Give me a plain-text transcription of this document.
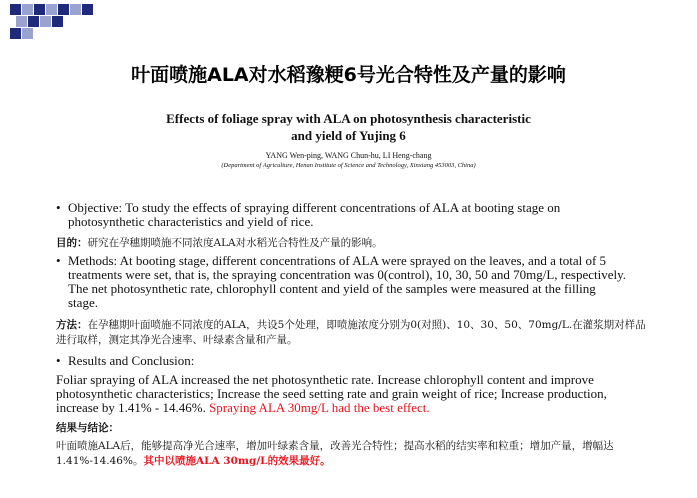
叶面喷施ALA对水稻豫粳6号光合特性及产量的影响
Effects of foliage spray with ALA on photosynthesis characteristic
and yield of Yujing 6
YANG Wen-ping, WANG Chun-hu, LI Heng-chang
(Department of Agriculture, Henan Institute of Science and Technology, Xinxiang 453003, China)
• Objective: To study the effects of spraying different concentrations of ALA at booting stage on photosynthetic characteristics and yield of rice.
目的：研究在孕穗期喷施不同浓度ALA对水稻光合特性及产量的影响。
• Methods: At booting stage, different concentrations of ALA were sprayed on the leaves, and a total of 5 treatments were set, that is, the spraying concentration was 0(control), 10, 30, 50 and 70mg/L, respectively. The net photosynthetic rate, chlorophyll content and yield of the samples were measured at the filling stage.
方法：在孕穗期叶面喷施不同浓度的ALA，共设5个处理，即喷施浓度分别为0(对照)、10、30、50、70mg/L.在灌浆期对样品进行取样，测定其净光合速率、叶绿素含量和产量。
• Results and Conclusion:
Foliar spraying of ALA increased the net photosynthetic rate. Increase chlorophyll content and improve photosynthetic characteristics; Increase the seed setting rate and grain weight of rice; Increase production, increase by 1.41% - 14.46%. Spraying ALA 30mg/L had the best effect.
结果与结论：
叶面喷施ALA后，能够提高净光合速率，增加叶绿素含量，改善光合特性；提高水稻的结实率和粒重；增加产量，增幅达1.41%-14.46%。其中以喷施ALA 30mg/L的效果最好。
